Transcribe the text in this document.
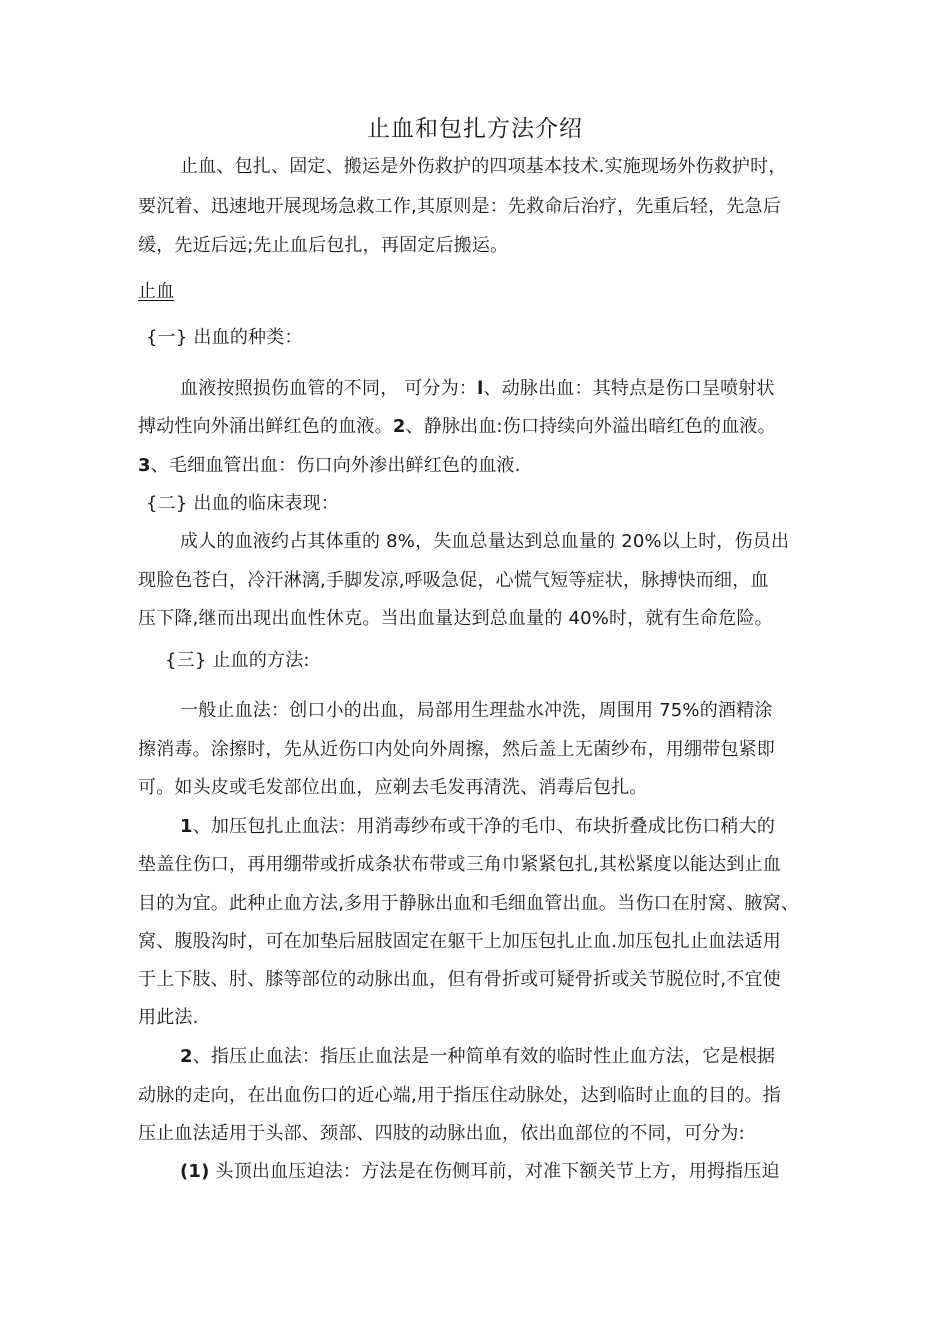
止血和包扎方法介绍
止血、包扎、固定、搬运是外伤救护的四项基本技术.实施现场外伤救护时，
要沉着、迅速地开展现场急救工作,其原则是：先救命后治疗，先重后轻，先急后
缓，先近后远;先止血后包扎，再固定后搬运。
止血
{一} 出血的种类：
血液按照损伤血管的不同， 可分为：l、动脉出血：其特点是伤口呈喷射状
搏动性向外涌出鲜红色的血液。2、静脉出血:伤口持续向外溢出暗红色的血液。
3、毛细血管出血：伤口向外渗出鲜红色的血液.
{二} 出血的临床表现：
成人的血液约占其体重的 8%，失血总量达到总血量的 20%以上时，伤员出
现脸色苍白，冷汗淋漓,手脚发凉,呼吸急促，心慌气短等症状，脉搏快而细，血
压下降,继而出现出血性休克。当出血量达到总血量的 40%时，就有生命危险。
{三} 止血的方法:
一般止血法：创口小的出血，局部用生理盐水冲洗，周围用 75%的酒精涂
擦消毒。涂擦时，先从近伤口内处向外周擦，然后盖上无菌纱布，用绷带包紧即
可。如头皮或毛发部位出血，应剃去毛发再清洗、消毒后包扎。
1、加压包扎止血法：用消毒纱布或干净的毛巾、布块折叠成比伤口稍大的
垫盖住伤口，再用绷带或折成条状布带或三角巾紧紧包扎,其松紧度以能达到止血
目的为宜。此种止血方法,多用于静脉出血和毛细血管出血。当伤口在肘窝、腋窝、
窝、腹股沟时，可在加垫后屈肢固定在躯干上加压包扎止血.加压包扎止血法适用
于上下肢、肘、膝等部位的动脉出血，但有骨折或可疑骨折或关节脱位时,不宜使
用此法.
2、指压止血法：指压止血法是一种简单有效的临时性止血方法，它是根据
动脉的走向，在出血伤口的近心端,用于指压住动脉处，达到临时止血的目的。指
压止血法适用于头部、颈部、四肢的动脉出血，依出血部位的不同，可分为:
(1) 头顶出血压迫法：方法是在伤侧耳前，对准下额关节上方，用拇指压迫
